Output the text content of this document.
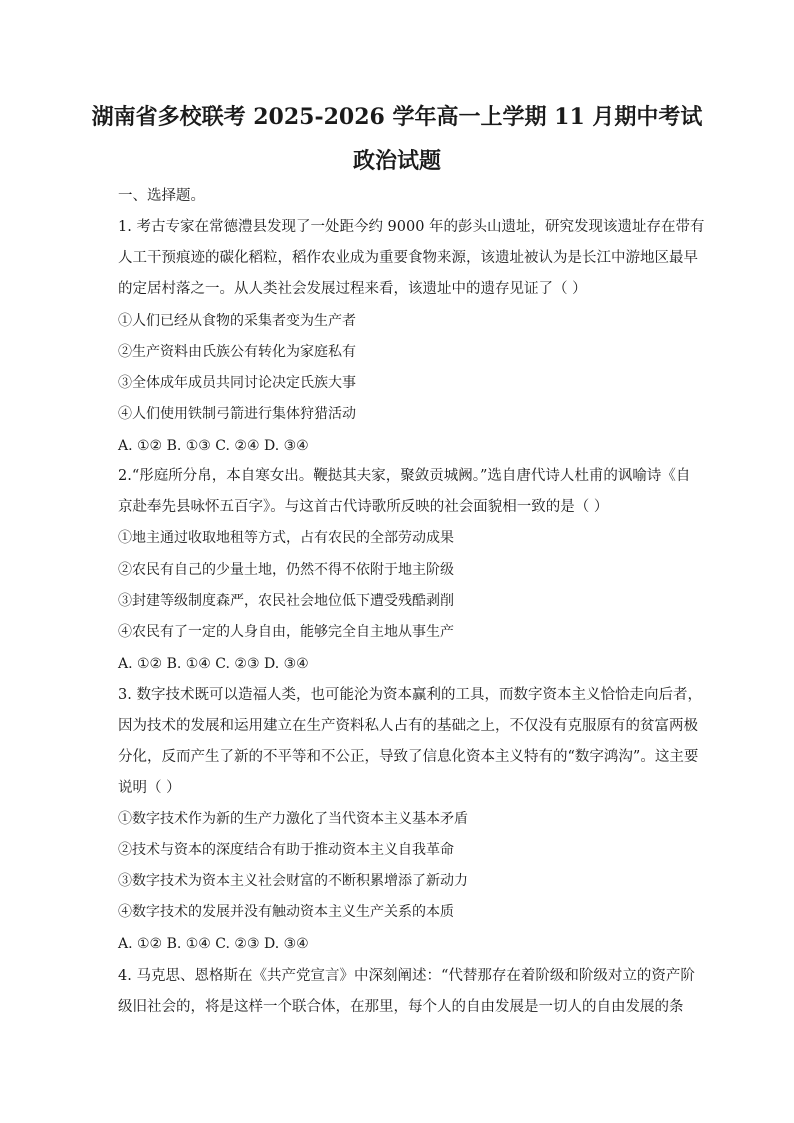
湖南省多校联考 2025-2026 学年高一上学期 11 月期中考试
政治试题
一、选择题。
1. 考古专家在常德澧县发现了一处距今约 9000 年的彭头山遗址，研究发现该遗址存在带有
人工干预痕迹的碳化稻粒，稻作农业成为重要食物来源，该遗址被认为是长江中游地区最早
的定居村落之一。从人类社会发展过程来看，该遗址中的遗存见证了（ ）
①人们已经从食物的采集者变为生产者
②生产资料由氏族公有转化为家庭私有
③全体成年成员共同讨论决定氏族大事
④人们使用铁制弓箭进行集体狩猎活动
A. ①② B. ①③ C. ②④ D. ③④
2.“彤庭所分帛，本自寒女出。鞭挞其夫家，聚敛贡城阙。”选自唐代诗人杜甫的讽喻诗《自
京赴奉先县咏怀五百字》。与这首古代诗歌所反映的社会面貌相一致的是（ ）
①地主通过收取地租等方式，占有农民的全部劳动成果
②农民有自己的少量土地，仍然不得不依附于地主阶级
③封建等级制度森严，农民社会地位低下遭受残酷剥削
④农民有了一定的人身自由，能够完全自主地从事生产
A. ①② B. ①④ C. ②③ D. ③④
3. 数字技术既可以造福人类，也可能沦为资本赢利的工具，而数字资本主义恰恰走向后者，
因为技术的发展和运用建立在生产资料私人占有的基础之上，不仅没有克服原有的贫富两极
分化，反而产生了新的不平等和不公正，导致了信息化资本主义特有的“数字鸿沟”。这主要
说明（ ）
①数字技术作为新的生产力激化了当代资本主义基本矛盾
②技术与资本的深度结合有助于推动资本主义自我革命
③数字技术为资本主义社会财富的不断积累增添了新动力
④数字技术的发展并没有触动资本主义生产关系的本质
A. ①② B. ①④ C. ②③ D. ③④
4. 马克思、恩格斯在《共产党宣言》中深刻阐述：“代替那存在着阶级和阶级对立的资产阶
级旧社会的，将是这样一个联合体，在那里，每个人的自由发展是一切人的自由发展的条
